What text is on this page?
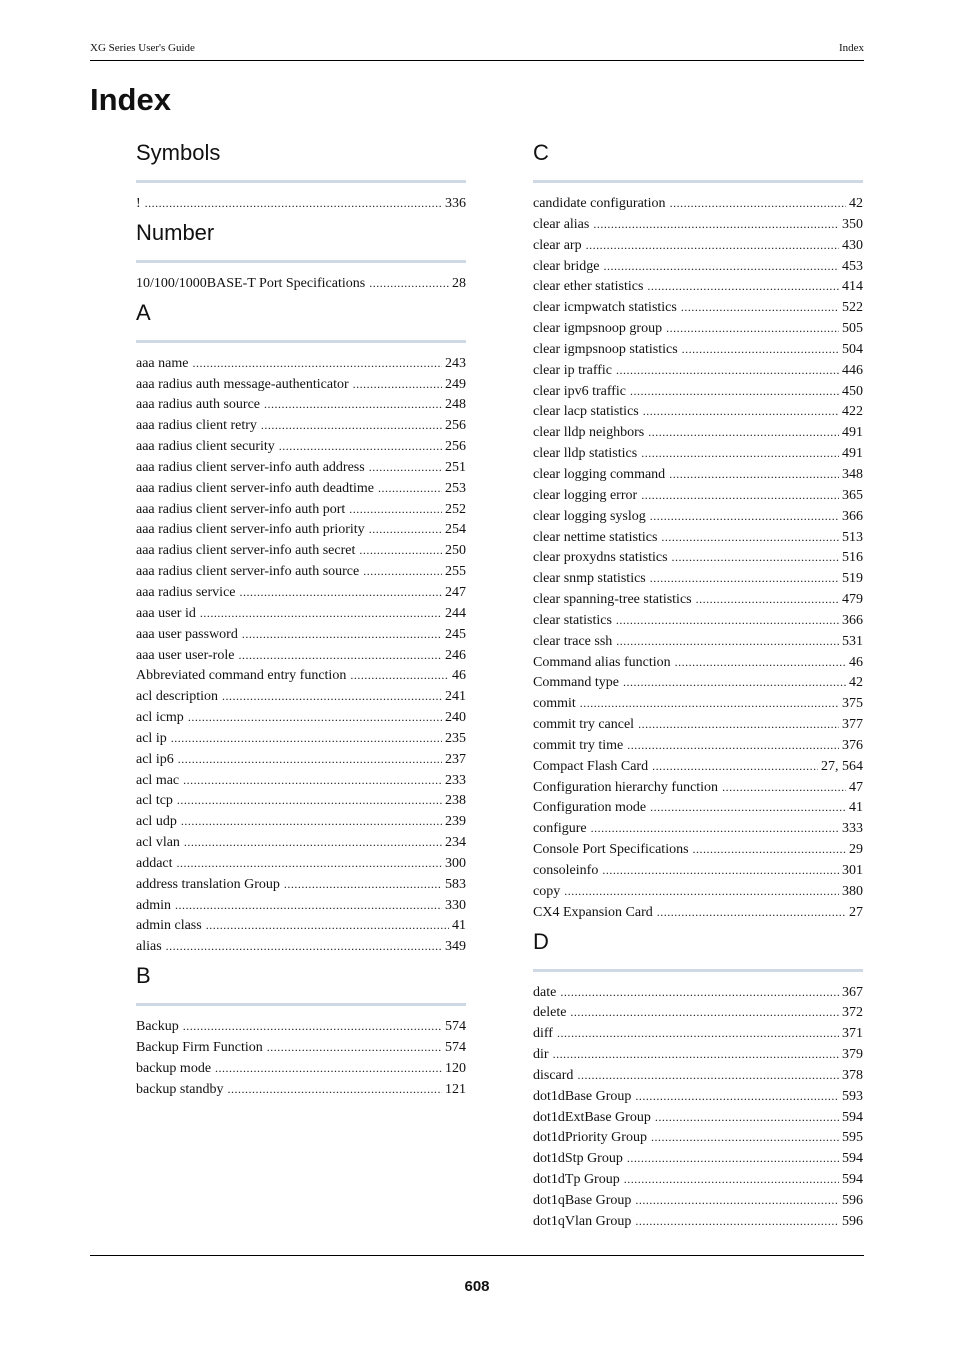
XG Series User's Guide	Index
Index
Symbols
! .....	336
Number
10/100/1000BASE-T Port Specifications .....	28
A
aaa name .....	243
aaa radius auth message-authenticator .....	249
aaa radius auth source .....	248
aaa radius client retry .....	256
aaa radius client security .....	256
aaa radius client server-info auth address .....	251
aaa radius client server-info auth deadtime .....	253
aaa radius client server-info auth port .....	252
aaa radius client server-info auth priority .....	254
aaa radius client server-info auth secret .....	250
aaa radius client server-info auth source .....	255
aaa radius service .....	247
aaa user id .....	244
aaa user password .....	245
aaa user user-role .....	246
Abbreviated command entry function .....	46
acl description .....	241
acl icmp .....	240
acl ip .....	235
acl ip6 .....	237
acl mac .....	233
acl tcp .....	238
acl udp .....	239
acl vlan .....	234
addact .....	300
address translation Group .....	583
admin .....	330
admin class .....	41
alias .....	349
B
Backup .....	574
Backup Firm Function .....	574
backup mode .....	120
backup standby .....	121
C
candidate configuration .....	42
clear alias .....	350
clear arp .....	430
clear bridge .....	453
clear ether statistics .....	414
clear icmpwatch statistics .....	522
clear igmpsnoop group .....	505
clear igmpsnoop statistics .....	504
clear ip traffic .....	446
clear ipv6 traffic .....	450
clear lacp statistics .....	422
clear lldp neighbors .....	491
clear lldp statistics .....	491
clear logging command .....	348
clear logging error .....	365
clear logging syslog .....	366
clear nettime statistics .....	513
clear proxydns statistics .....	516
clear snmp statistics .....	519
clear spanning-tree statistics .....	479
clear statistics .....	366
clear trace ssh .....	531
Command alias function .....	46
Command type .....	42
commit .....	375
commit try cancel .....	377
commit try time .....	376
Compact Flash Card .....	27, 564
Configuration hierarchy function .....	47
Configuration mode .....	41
configure .....	333
Console Port Specifications .....	29
consoleinfo .....	301
copy .....	380
CX4 Expansion Card .....	27
D
date .....	367
delete .....	372
diff .....	371
dir .....	379
discard .....	378
dot1dBase Group .....	593
dot1dExtBase Group .....	594
dot1dPriority Group .....	595
dot1dStp Group .....	594
dot1dTp Group .....	594
dot1qBase Group .....	596
dot1qVlan Group .....	596
608
